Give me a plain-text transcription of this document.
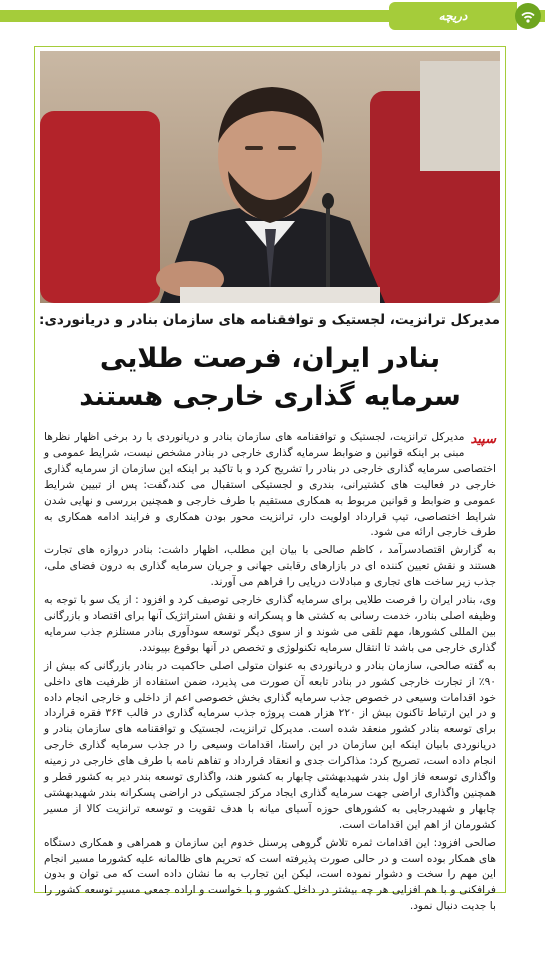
دریچه
مدیرکل ترانزیت، لجستیک و توافقنامه های سازمان بنادر و دریانوردی:
بنادر ایران، فرصت طلایی
سرمایه گذاری خارجی هستند

سپید
مدیرکل ترانزیت، لجستیک و توافقنامه های سازمان بنادر و دریانوردی با رد برخی اظهار نظرها مبنی بر اینکه قوانین و ضوابط سرمایه گذاری خارجی در بنادر مشخص نیست، شرایط عمومی و اختصاصی سرمایه گذاری خارجی در بنادر را تشریح کرد و با تاکید بر اینکه این سازمان از سرمایه گذاری خارجی در فعالیت های کشتیرانی، بندری و لجستیکی استقبال می کند،گفت: پس از تبیین شرایط عمومی و ضوابط و قوانین مربوط به همکاری مستقیم با طرف خارجی و همچنین بررسی و نهایی شدن شرایط اختصاصی، تیپ قرارداد اولویت دار، ترانزیت محور بودن همکاری و فرایند ادامه همکاری به طرف خارجی ارائه می شود.

به گزارش اقتصادسرآمد ، کاظم صالحی با بیان این مطلب، اظهار داشت: بنادر دروازه های تجارت هستند و نقش تعیین کننده ای در بازارهای رقابتی جهانی و جریان سرمایه گذاری به درون فضای ملی، جذب زیر ساخت های تجاری و مبادلات دریایی را فراهم می آورند.

وی، بنادر ایران را فرصت طلایی برای سرمایه گذاری خارجی توصیف کرد و افزود : از یک سو با توجه به وظیفه اصلی بنادر، خدمت رسانی به کشتی ها و پسکرانه و نقش استراتژیک آنها برای اقتصاد و بازرگانی بین المللی کشورها، مهم تلقی می شوند و از سوی دیگر توسعه سودآوری بنادر مستلزم جذب سرمایه گذاری خارجی می باشد تا انتقال سرمایه تکنولوژی و تخصص در آنها بوقوع بپیوندد.

به گفته صالحی، سازمان بنادر و دریانوردی به عنوان متولی اصلی حاکمیت در بنادر بازرگانی که بیش از ۹۰٪ از تجارت خارجی کشور در بنادر تابعه آن صورت می پذیرد، ضمن استفاده از ظرفیت های داخلی خود اقدامات وسیعی در خصوص جذب سرمایه گذاری بخش خصوصی اعم از داخلی و خارجی انجام داده و در این ارتباط تاکنون بیش از ۲۲۰ هزار همت پروژه جذب سرمایه گذاری در قالب ۳۶۴ فقره قرارداد برای توسعه بنادر کشور منعقد شده است. مدیرکل ترانزیت، لجستیک و توافقنامه های سازمان بنادر و دریانوردی بابیان اینکه این سازمان در این راستا، اقدامات وسیعی را در جذب سرمایه گذاری خارجی انجام داده است، تصریح کرد: مذاکرات جدی و انعقاد قرارداد و تفاهم نامه با طرف های خارجی در زمینه واگذاری توسعه فاز اول بندر شهیدبهشتی چابهار به کشور هند، واگذاری توسعه بندر دیر به کشور قطر و همچنین واگذاری اراضی جهت سرمایه گذاری ایجاد مرکز لجستیکی در اراضی پسکرانه بندر شهیدبهشتی چابهار و شهیدرجایی به کشورهای حوزه آسیای میانه با هدف تقویت و توسعه ترانزیت کالا از مسیر کشورمان از اهم این اقدامات است.

صالحی افزود: این اقدامات ثمره تلاش گروهی پرسنل خدوم این سازمان و همراهی و همکاری دستگاه های همکار بوده است و در حالی صورت پذیرفته است که تحریم های ظالمانه علیه کشورما مسیر انجام این مهم را سخت و دشوار نموده است، لیکن این تجارب به ما نشان داده است که می توان و بدون فرافکنی و با هم افزایی هر چه بیشتر در داخل کشور و با خواست و اراده جمعی مسیر توسعه کشور را با جدیت دنبال نمود.
